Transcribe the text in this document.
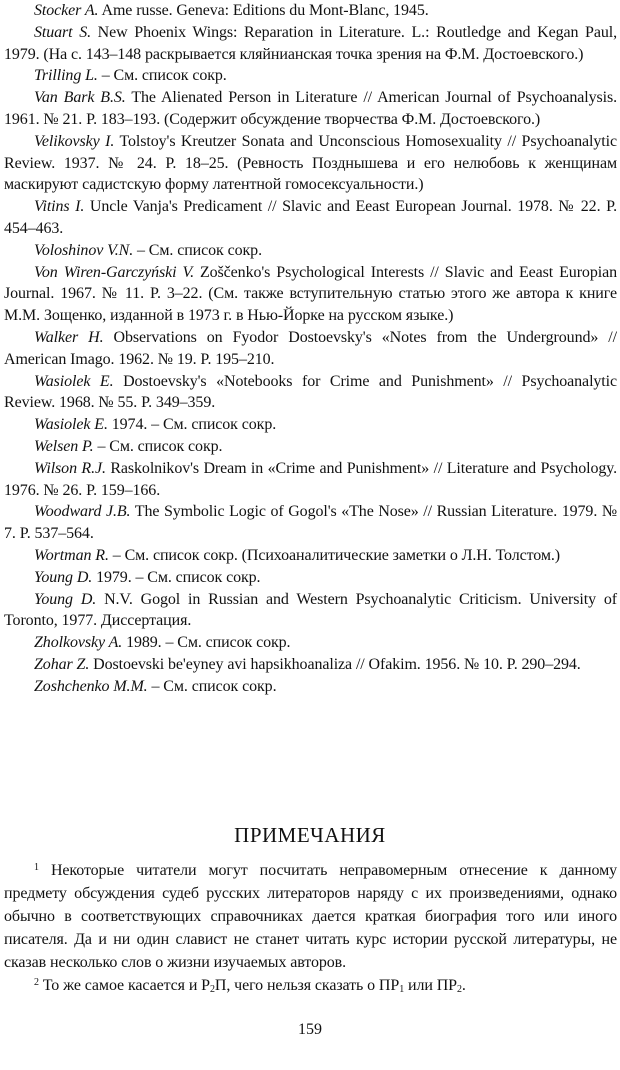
Stocker A. Ame russe. Geneva: Editions du Mont-Blanc, 1945.

Stuart S. New Phoenix Wings: Reparation in Literature. L.: Routledge and Kegan Paul, 1979. (На с. 143–148 раскрывается кляйнианская точка зрения на Ф.М. Достоевского.)

Trilling L. – См. список сокр.

Van Bark B.S. The Alienated Person in Literature // American Journal of Psychoanalysis. 1961. № 21. P. 183–193. (Содержит обсуждение творчества Ф.М. Достоевского.)

Velikovsky I. Tolstoy's Kreutzer Sonata and Unconscious Homosexuality // Psychoanalytic Review. 1937. № 24. P. 18–25. (Ревность Позднышева и его нелюбовь к женщинам маскируют садистскую форму латентной гомосексуальности.)

Vitins I. Uncle Vanja's Predicament // Slavic and Eeast European Journal. 1978. № 22. P. 454–463.

Voloshinov V.N. – См. список сокр.

Von Wiren-Garczyński V. Zoščenko's Psychological Interests // Slavic and Eeast Europian Journal. 1967. № 11. P. 3–22. (См. также вступительную статью этого же автора к книге М.М. Зощенко, изданной в 1973 г. в Нью-Йорке на русском языке.)

Walker H. Observations on Fyodor Dostoevsky's «Notes from the Underground» // American Imago. 1962. № 19. P. 195–210.

Wasiolek E. Dostoevsky's «Notebooks for Crime and Punishment» // Psychoanalytic Review. 1968. № 55. P. 349–359.

Wasiolek E. 1974. – См. список сокр.

Welsen P. – См. список сокр.

Wilson R.J. Raskolnikov's Dream in «Crime and Punishment» // Literature and Psychology. 1976. № 26. P. 159–166.

Woodward J.B. The Symbolic Logic of Gogol's «The Nose» // Russian Literature. 1979. № 7. P. 537–564.

Wortman R. – См. список сокр. (Психоаналитические заметки о Л.Н. Толстом.)

Young D. 1979. – См. список сокр.

Young D. N.V. Gogol in Russian and Western Psychoanalytic Criticism. University of Toronto, 1977. Диссертация.

Zholkovsky A. 1989. – См. список сокр.

Zohar Z. Dostoevski be'eyney avi hapsikhoanaliza // Ofakim. 1956. № 10. P. 290–294.

Zoshchenko M.M. – См. список сокр.

ПРИМЕЧАНИЯ

$^1$ Некоторые читатели могут посчитать неправомерным отнесение к данному предмету обсуждения судеб русских литераторов наряду с их произведениями, однако обычно в соответствующих справочниках дается краткая биография того или иного писателя. Да и ни один славист не станет читать курс истории русской литературы, не сказав несколько слов о жизни изучаемых авторов.

$^2$ То же самое касается и $Р_2П$, чего нельзя сказать о $ПР_1$ или $ПР_2$.

159
